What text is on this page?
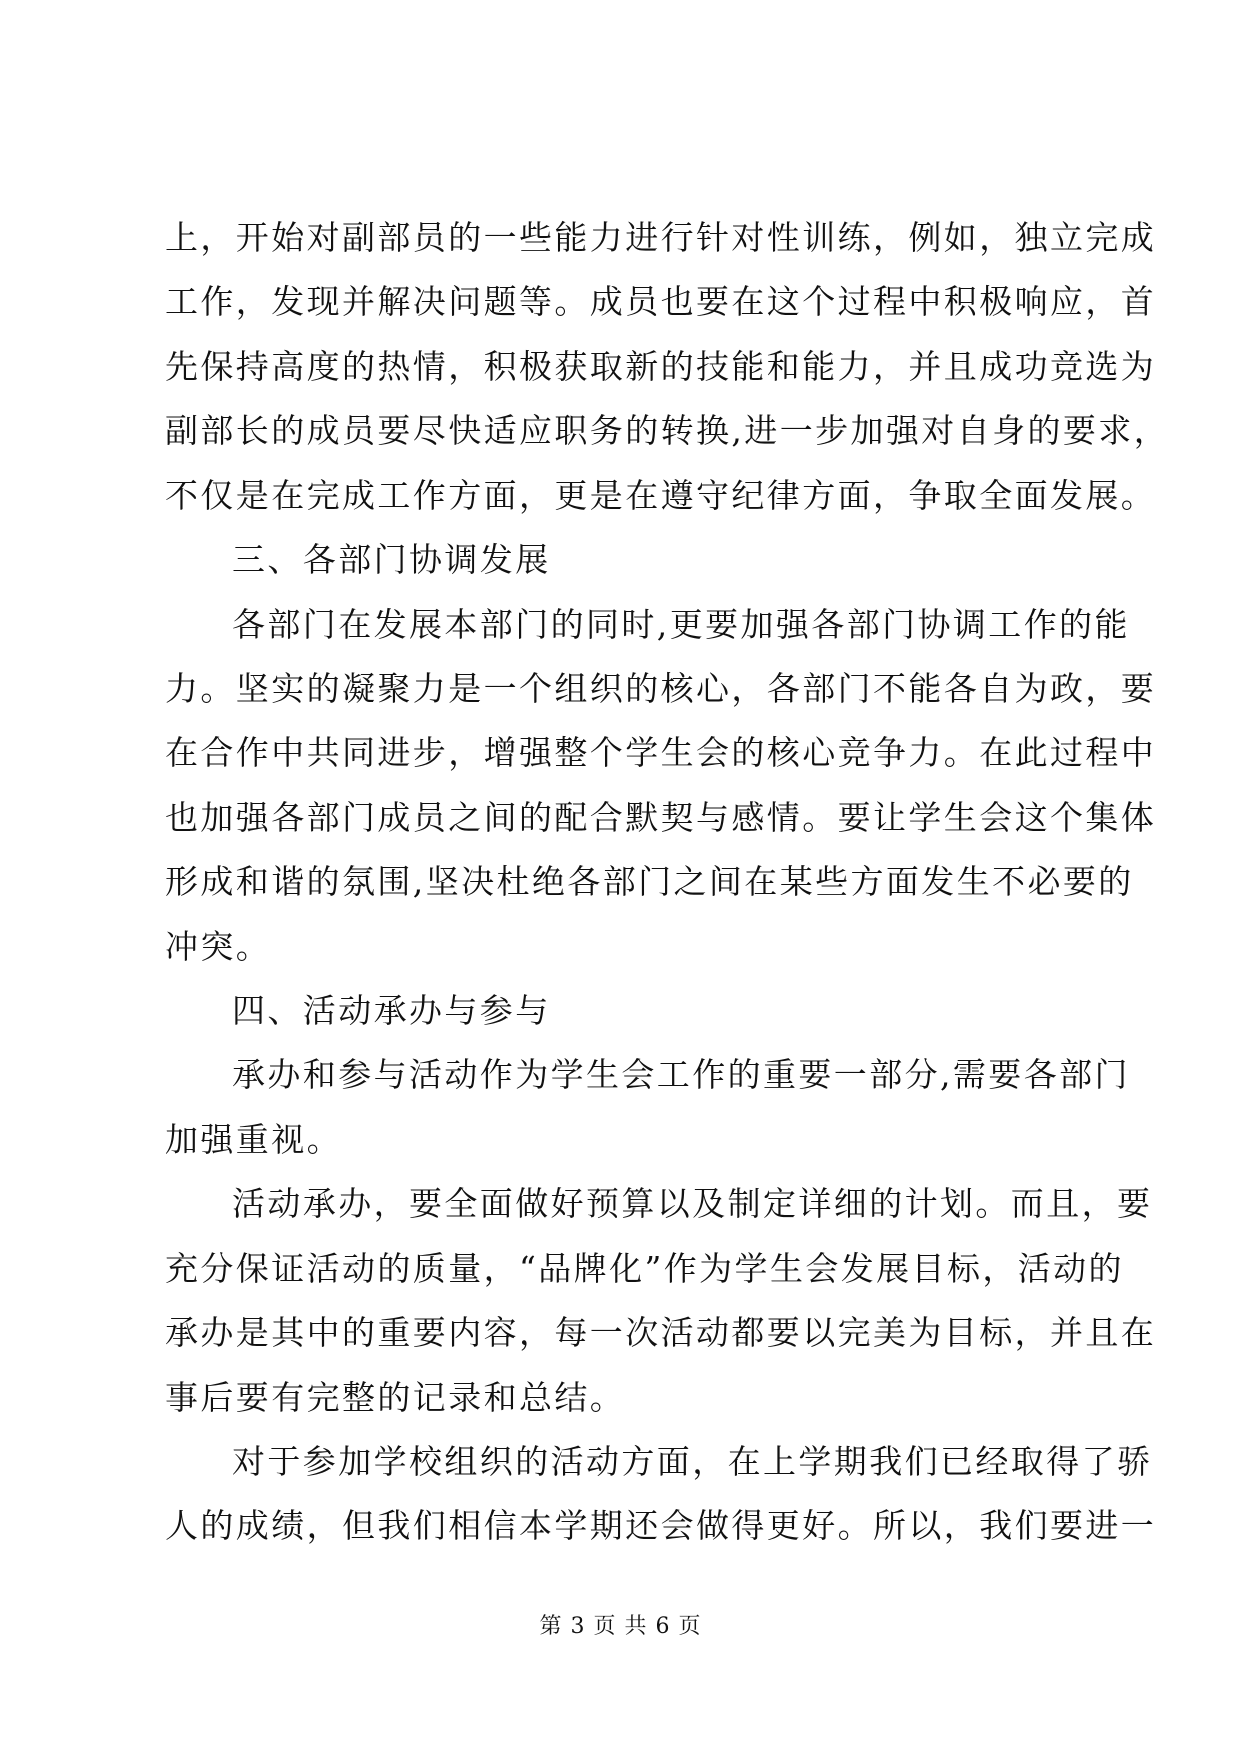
上，开始对副部员的一些能力进行针对性训练，例如，独立完成
工作，发现并解决问题等。成员也要在这个过程中积极响应，首
先保持高度的热情，积极获取新的技能和能力，并且成功竞选为
副部长的成员要尽快适应职务的转换,进一步加强对自身的要求，
不仅是在完成工作方面，更是在遵守纪律方面，争取全面发展。
三、各部门协调发展
各部门在发展本部门的同时,更要加强各部门协调工作的能
力。坚实的凝聚力是一个组织的核心，各部门不能各自为政，要
在合作中共同进步，增强整个学生会的核心竞争力。在此过程中
也加强各部门成员之间的配合默契与感情。要让学生会这个集体
形成和谐的氛围,坚决杜绝各部门之间在某些方面发生不必要的
冲突。
四、活动承办与参与
承办和参与活动作为学生会工作的重要一部分,需要各部门
加强重视。
活动承办，要全面做好预算以及制定详细的计划。而且，要
充分保证活动的质量，“品牌化”作为学生会发展目标，活动的
承办是其中的重要内容，每一次活动都要以完美为目标，并且在
事后要有完整的记录和总结。
对于参加学校组织的活动方面，在上学期我们已经取得了骄
人的成绩，但我们相信本学期还会做得更好。所以，我们要进一
第 3 页 共 6 页
